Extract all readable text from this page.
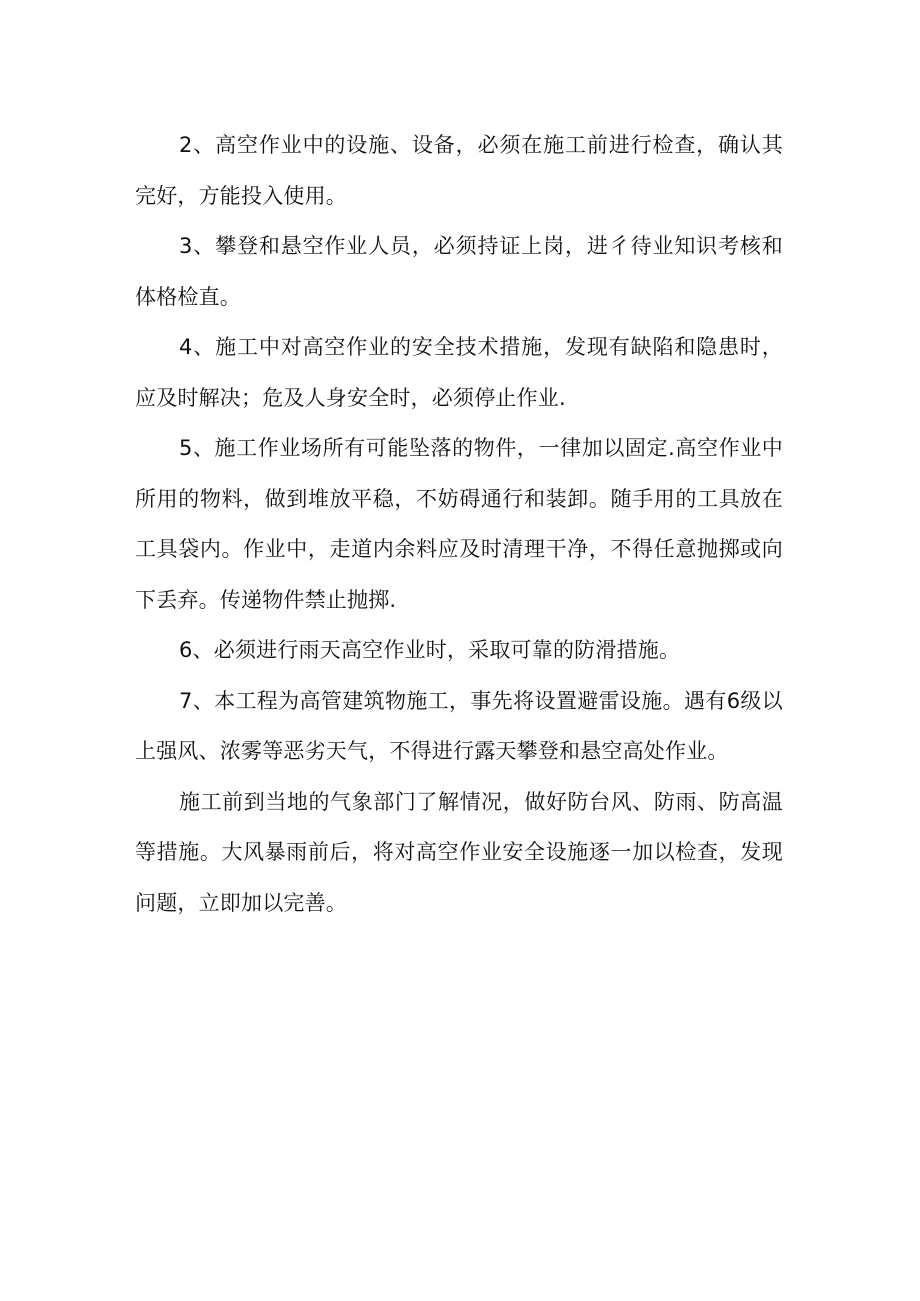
2、高空作业中的设施、设备，必须在施工前进行检查，确认其完好，方能投入使用。

3、攀登和悬空作业人员，必须持证上岗，进彳待业知识考核和体格检直。

4、施工中对高空作业的安全技术措施，发现有缺陷和隐患时，应及时解决；危及人身安全时，必须停止作业.

5、施工作业场所有可能坠落的物件，一律加以固定.高空作业中所用的物料，做到堆放平稳，不妨碍通行和装卸。随手用的工具放在工具袋内。作业中，走道内余料应及时清理干净，不得任意抛掷或向下丢弃。传递物件禁止抛掷.

6、必须进行雨天高空作业时，采取可靠的防滑措施。

7、本工程为高管建筑物施工，事先将设置避雷设施。遇有6级以上强风、浓雾等恶劣天气，不得进行露天攀登和悬空高处作业。

施工前到当地的气象部门了解情况，做好防台风、防雨、防高温等措施。大风暴雨前后，将对高空作业安全设施逐一加以检查，发现问题，立即加以完善。
